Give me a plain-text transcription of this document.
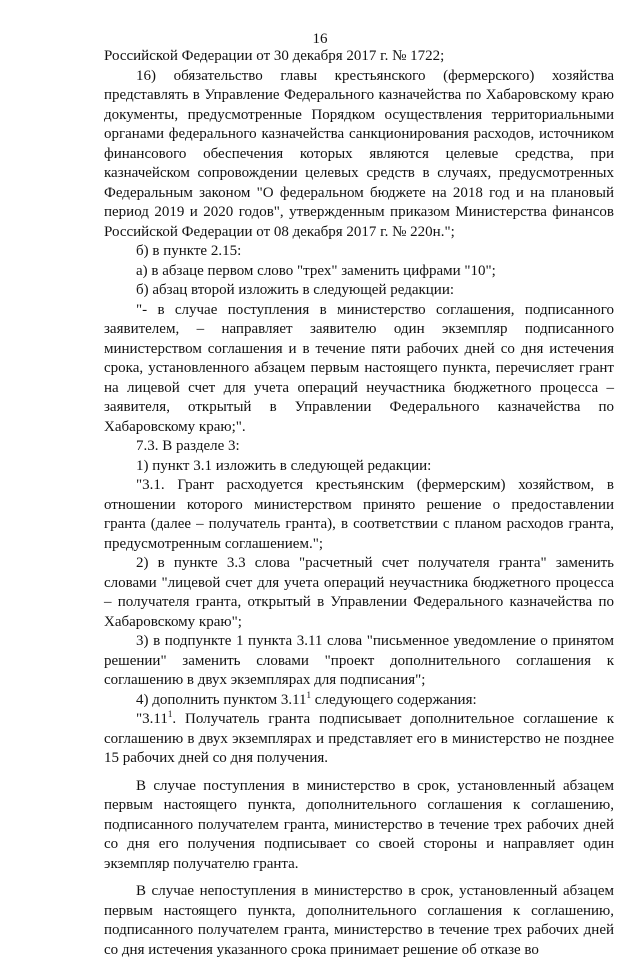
16

Российской Федерации от 30 декабря 2017 г. № 1722;

16) обязательство главы крестьянского (фермерского) хозяйства представлять в Управление Федерального казначейства по Хабаровскому краю документы, предусмотренные Порядком осуществления территориальными органами федерального казначейства санкционирования расходов, источником финансового обеспечения которых являются целевые средства, при казначейском сопровождении целевых средств в случаях, предусмотренных Федеральным законом "О федеральном бюджете на 2018 год и на плановый период 2019 и 2020 годов", утвержденным приказом Министерства финансов Российской Федерации от 08 декабря 2017 г. № 220н.";

б) в пункте 2.15:

а) в абзаце первом слово "трех" заменить цифрами "10";

б) абзац второй изложить в следующей редакции:

"- в случае поступления в министерство соглашения, подписанного заявителем, – направляет заявителю один экземпляр подписанного министерством соглашения и в течение пяти рабочих дней со дня истечения срока, установленного абзацем первым настоящего пункта, перечисляет грант на лицевой счет для учета операций неучастника бюджетного процесса – заявителя, открытый в Управлении Федерального казначейства по Хабаровскому краю;".

7.3. В разделе 3:

1) пункт 3.1 изложить в следующей редакции:

"3.1. Грант расходуется крестьянским (фермерским) хозяйством, в отношении которого министерством принято решение о предоставлении гранта (далее – получатель гранта), в соответствии с планом расходов гранта, предусмотренным соглашением.";

2) в пункте 3.3 слова "расчетный счет получателя гранта" заменить словами "лицевой счет для учета операций неучастника бюджетного процесса – получателя гранта, открытый в Управлении Федерального казначейства по Хабаровскому краю";

3) в подпункте 1 пункта 3.11 слова "письменное уведомление о принятом решении" заменить словами "проект дополнительного соглашения к соглашению в двух экземплярах для подписания";

4) дополнить пунктом 3.11$^1$ следующего содержания:

"3.11$^1$. Получатель гранта подписывает дополнительное соглашение к соглашению в двух экземплярах и представляет его в министерство не позднее 15 рабочих дней со дня получения.

В случае поступления в министерство в срок, установленный абзацем первым настоящего пункта, дополнительного соглашения к соглашению, подписанного получателем гранта, министерство в течение трех рабочих дней со дня его получения подписывает со своей стороны и направляет один экземпляр получателю гранта.

В случае непоступления в министерство в срок, установленный абзацем первым настоящего пункта, дополнительного соглашения к соглашению, подписанного получателем гранта, министерство в течение трех рабочих дней со дня истечения указанного срока принимает решение об отказе во
